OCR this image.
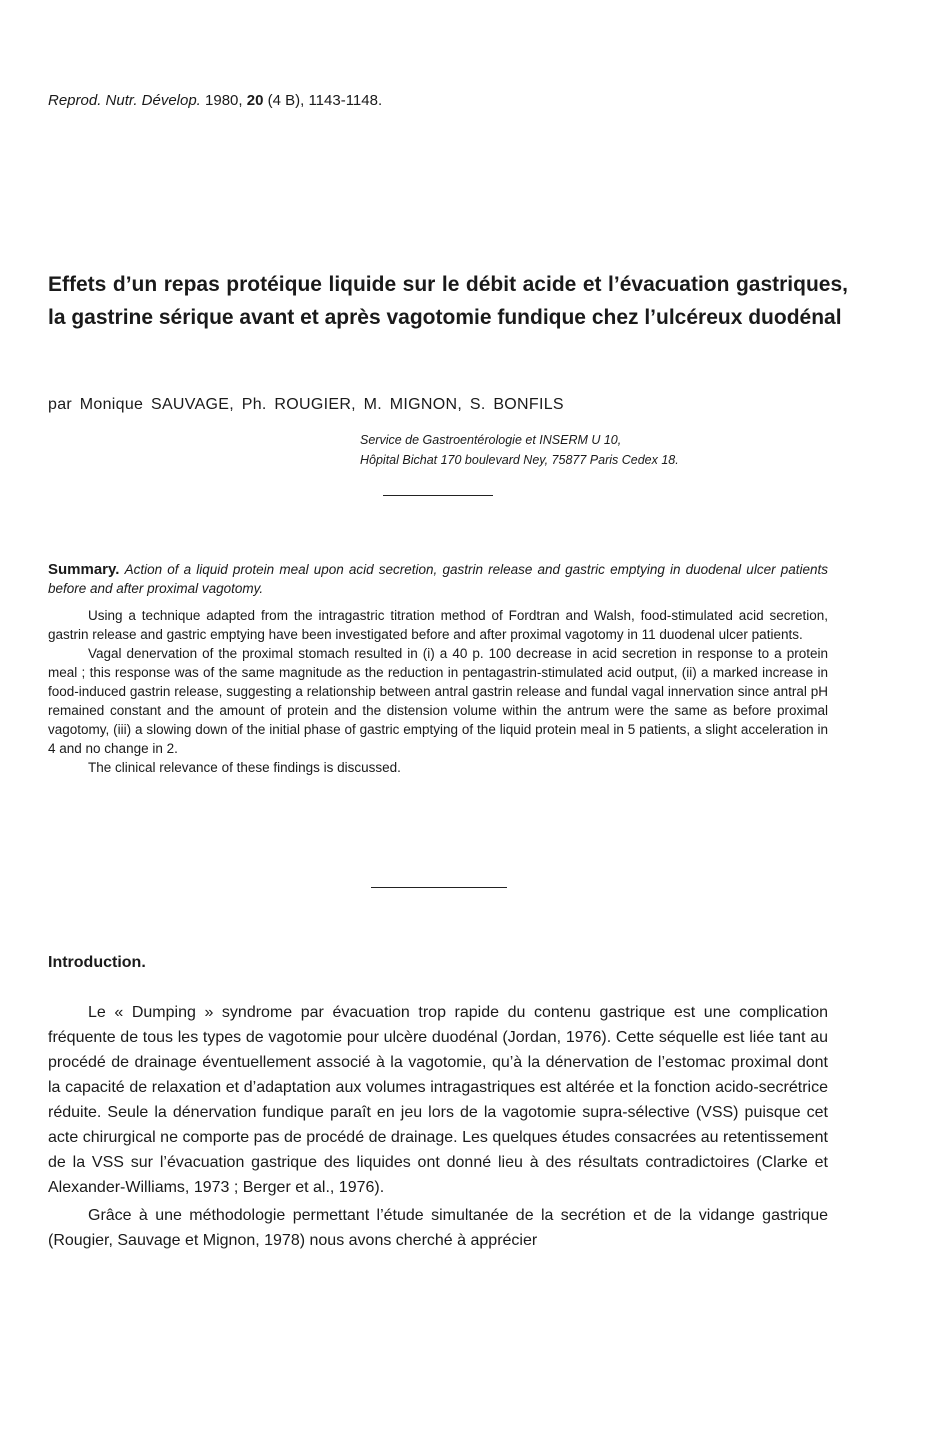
Reprod. Nutr. Dévelop. 1980, 20 (4 B), 1143-1148.
Effets d’un repas protéique liquide sur le débit acide et l’évacuation gastriques, la gastrine sérique avant et après vagotomie fundique chez l’ulcéreux duodénal
par Monique SAUVAGE, Ph. ROUGIER, M. MIGNON, S. BONFILS
Service de Gastroentérologie et INSERM U 10,
Hôpital Bichat 170 boulevard Ney, 75877 Paris Cedex 18.

Summary. Action of a liquid protein meal upon acid secretion, gastrin release and gastric emptying in duodenal ulcer patients before and after proximal vagotomy.

Using a technique adapted from the intragastric titration method of Fordtran and Walsh, food-stimulated acid secretion, gastrin release and gastric emptying have been investigated before and after proximal vagotomy in 11 duodenal ulcer patients.

Vagal denervation of the proximal stomach resulted in (i) a 40 p. 100 decrease in acid secretion in response to a protein meal ; this response was of the same magnitude as the reduction in pentagastrin-stimulated acid output, (ii) a marked increase in food-induced gastrin release, suggesting a relationship between antral gastrin release and fundal vagal innervation since antral pH remained constant and the amount of protein and the distension volume within the antrum were the same as before proximal vagotomy, (iii) a slowing down of the initial phase of gastric emptying of the liquid protein meal in 5 patients, a slight acceleration in 4 and no change in 2.

The clinical relevance of these findings is discussed.

Introduction.

Le « Dumping » syndrome par évacuation trop rapide du contenu gastrique est une complication fréquente de tous les types de vagotomie pour ulcère duodénal (Jordan, 1976). Cette séquelle est liée tant au procédé de drainage éventuellement associé à la vagotomie, qu’à la dénervation de l’estomac proximal dont la capacité de relaxation et d’adaptation aux volumes intragastriques est altérée et la fonction acido-secrétrice réduite. Seule la dénervation fundique paraît en jeu lors de la vagotomie supra-sélective (VSS) puisque cet acte chirurgical ne comporte pas de procédé de drainage. Les quelques études consacrées au retentissement de la VSS sur l’évacuation gastrique des liquides ont donné lieu à des résultats contradictoires (Clarke et Alexander-Williams, 1973 ; Berger et al., 1976).

Grâce à une méthodologie permettant l’étude simultanée de la secrétion et de la vidange gastrique (Rougier, Sauvage et Mignon, 1978) nous avons cherché à apprécier
